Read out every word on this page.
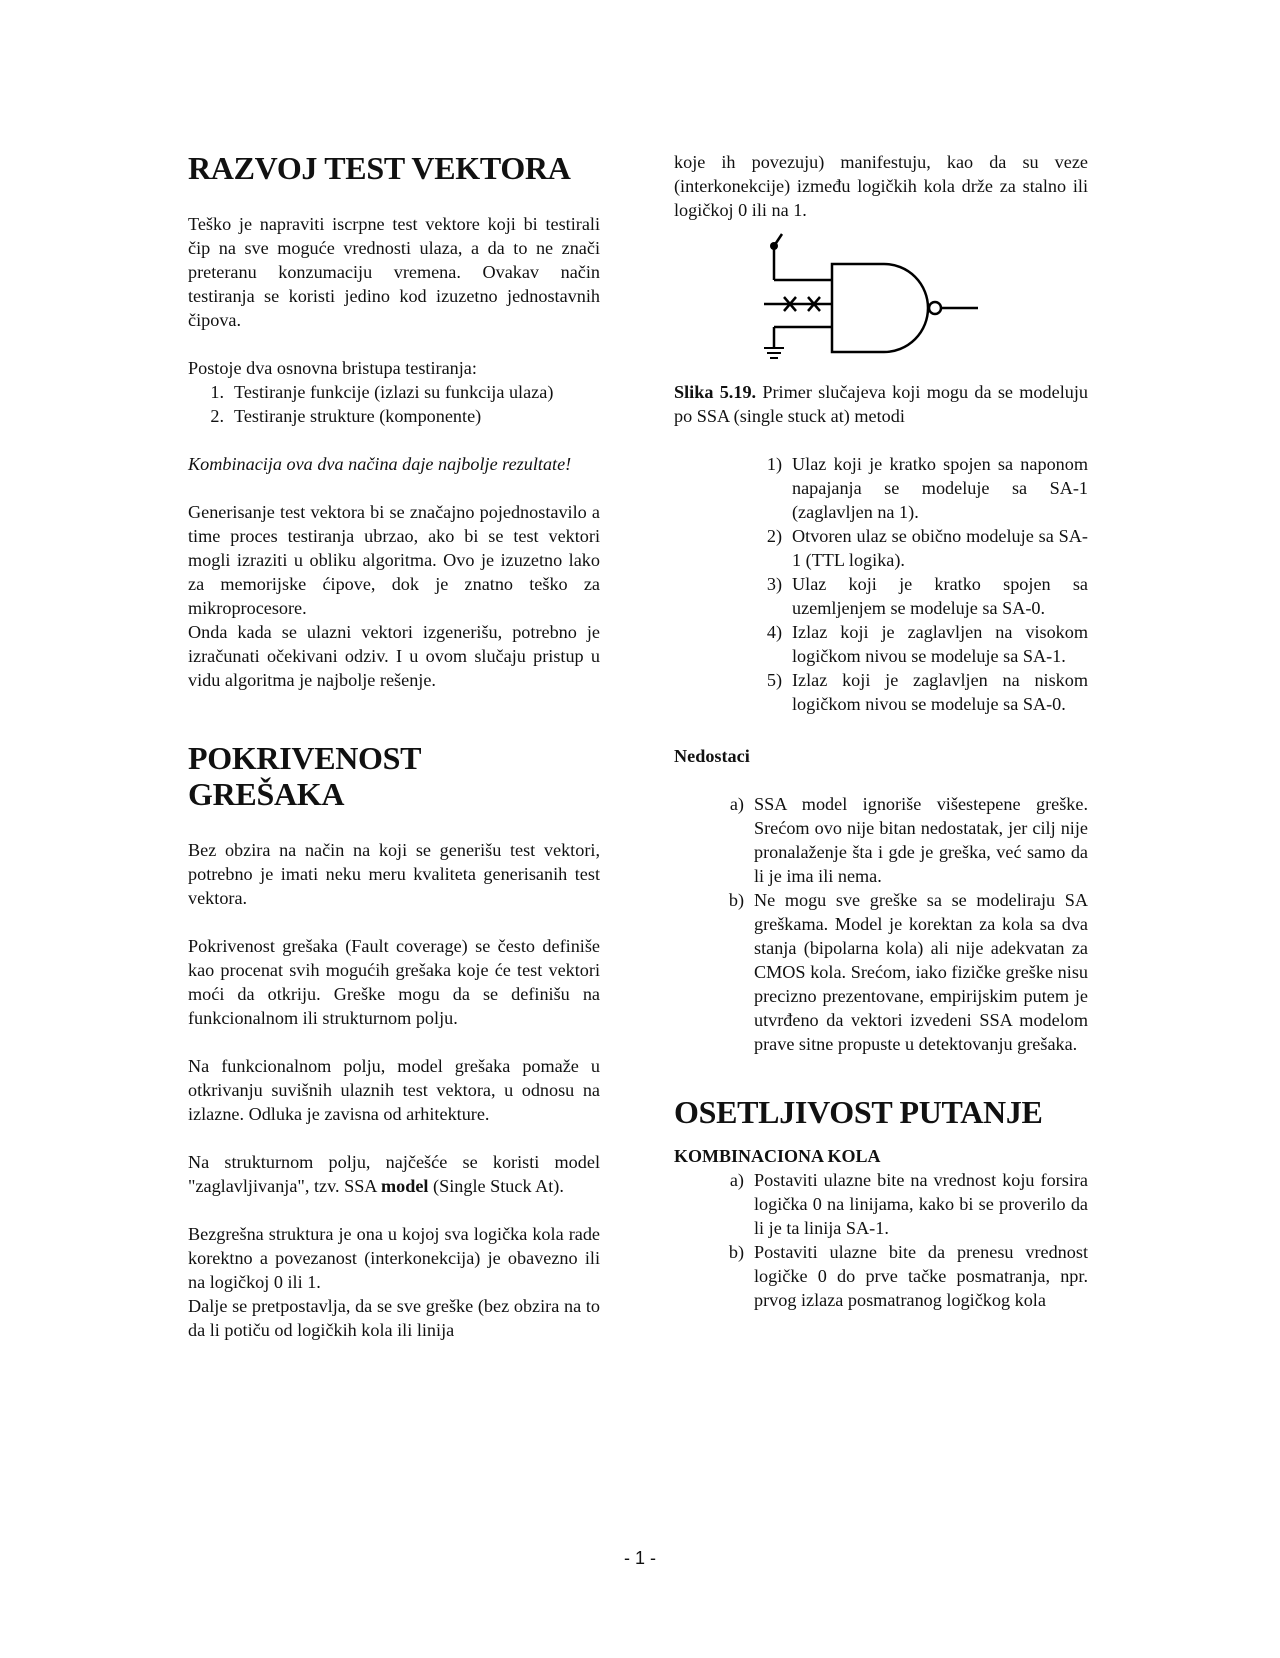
RAZVOJ TEST VEKTORA

Teško je napraviti iscrpne test vektore koji bi testirali čip na sve moguće vrednosti ulaza, a da to ne znači preteranu konzumaciju vremena. Ovakav način testiranja se koristi jedino kod izuzetno jednostavnih čipova.

Postoje dva osnovna bristupa testiranja:

1. Testiranje funkcije (izlazi su funkcija ulaza)
2. Testiranje strukture (komponente)

Kombinacija ova dva načina daje najbolje rezultate!

Generisanje test vektora bi se značajno pojednostavilo a time proces testiranja ubrzao, ako bi se test vektori mogli izraziti u obliku algoritma. Ovo je izuzetno lako za memorijske ćipove, dok je znatno teško za mikroprocesore.

Onda kada se ulazni vektori izgenerišu, potrebno je izračunati očekivani odziv. I u ovom slučaju pristup u vidu algoritma je najbolje rešenje.

POKRIVENOST
GREŠAKA

Bez obzira na način na koji se generišu test vektori, potrebno je imati neku meru kvaliteta generisanih test vektora.

Pokrivenost grešaka (Fault coverage) se često definiše kao procenat svih mogućih grešaka koje će test vektori moći da otkriju. Greške mogu da se definišu na funkcionalnom ili strukturnom polju.

Na funkcionalnom polju, model grešaka pomaže u otkrivanju suvišnih ulaznih test vektora, u odnosu na izlazne. Odluka je zavisna od arhitekture.

Na strukturnom polju, najčešće se koristi model "zaglavljivanja", tzv. SSA model (Single Stuck At).

Bezgrešna struktura je ona u kojoj sva logička kola rade korektno a povezanost (interkonekcija) je obavezno ili na logičkoj 0 ili 1.

Dalje se pretpostavlja, da se sve greške (bez obzira na to da li potiču od logičkih kola ili linija

koje ih povezuju) manifestuju, kao da su veze (interkonekcije) između logičkih kola drže za stalno ili logičkoj 0 ili na 1.

Slika 5.19. Primer slučajeva koji mogu da se modeluju po SSA (single stuck at) metodi

1) Ulaz koji je kratko spojen sa naponom napajanja se modeluje sa SA-1 (zaglavljen na 1).
2) Otvoren ulaz se obično modeluje sa SA-1 (TTL logika).
3) Ulaz koji je kratko spojen sa uzemljenjem se modeluje sa SA-0.
4) Izlaz koji je zaglavljen na visokom logičkom nivou se modeluje sa SA-1.
5) Izlaz koji je zaglavljen na niskom logičkom nivou se modeluje sa SA-0.

Nedostaci

a) SSA model ignoriše višestepene greške. Srećom ovo nije bitan nedostatak, jer cilj nije pronalaženje šta i gde je greška, već samo da li je ima ili nema.
b) Ne mogu sve greške sa se modeliraju SA greškama. Model je korektan za kola sa dva stanja (bipolarna kola) ali nije adekvatan za CMOS kola. Srećom, iako fizičke greške nisu precizno prezentovane, empirijskim putem je utvrđeno da vektori izvedeni SSA modelom prave sitne propuste u detektovanju grešaka.
OSETLJIVOST PUTANJE

KOMBINACIONA KOLA

a) Postaviti ulazne bite na vrednost koju forsira logička 0 na linijama, kako bi se proverilo da li je ta linija SA-1.
b) Postaviti ulazne bite da prenesu vrednost logičke 0 do prve tačke posmatranja, npr. prvog izlaza posmatranog logičkog kola
- 1 -
